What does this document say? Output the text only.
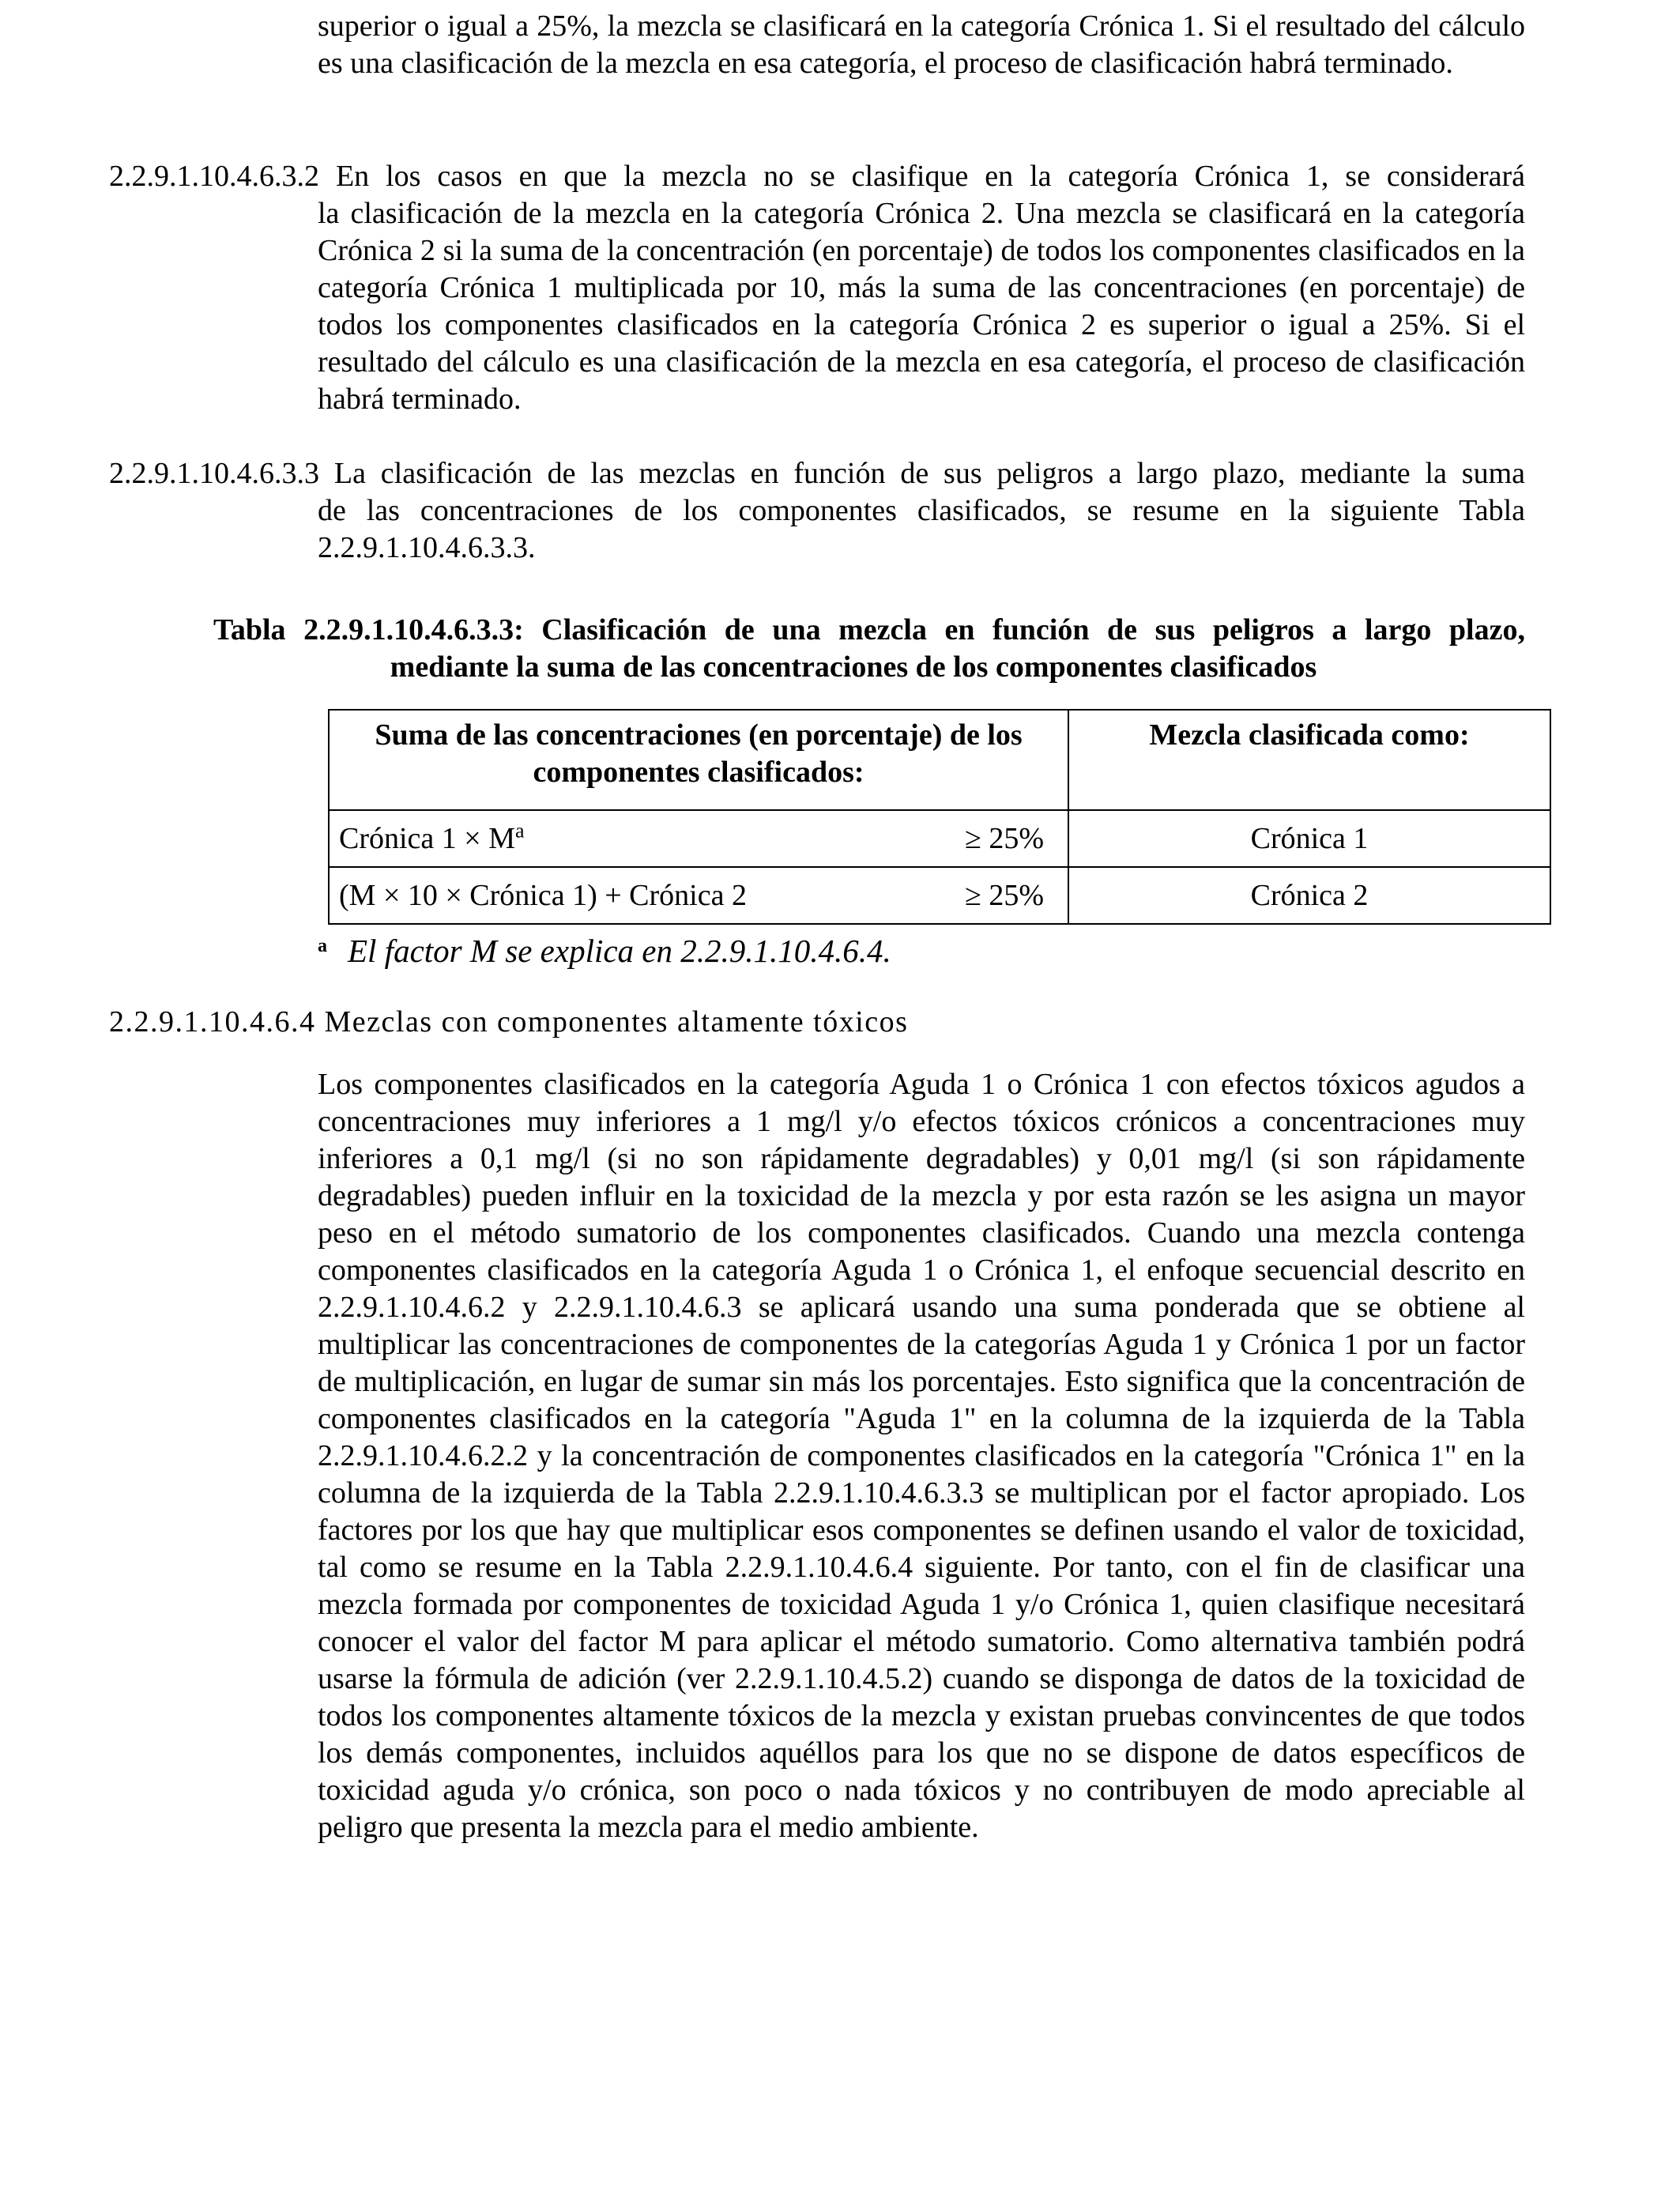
superior o igual a 25%, la mezcla se clasificará en la categoría Crónica 1. Si el resultado del cálculo es una clasificación de la mezcla en esa categoría, el proceso de clasificación habrá terminado.
2.2.9.1.10.4.6.3.2 En los casos en que la mezcla no se clasifique en la categoría Crónica 1, se considerará
la clasificación de la mezcla en la categoría Crónica 2. Una mezcla se clasificará en la categoría Crónica 2 si la suma de la concentración (en porcentaje) de todos los componentes clasificados en la categoría Crónica 1 multiplicada por 10, más la suma de las concentraciones (en porcentaje) de todos los componentes clasificados en la categoría Crónica 2 es superior o igual a 25%. Si el resultado del cálculo es una clasificación de la mezcla en esa categoría, el proceso de clasificación habrá terminado.
2.2.9.1.10.4.6.3.3 La clasificación de las mezclas en función de sus peligros a largo plazo, mediante la suma
de las concentraciones de los componentes clasificados, se resume en la siguiente Tabla 2.2.9.1.10.4.6.3.3.
Tabla 2.2.9.1.10.4.6.3.3: Clasificación de una mezcla en función de sus peligros a largo plazo,
mediante la suma de las concentraciones de los componentes clasificados
Suma de las concentraciones (en porcentaje) de los componentes clasificados:	Mezcla clasificada como:

Crónica $1 \times M^a \ge 25\%$	Crónica 1

(M × 10 × Crónica 1) + Crónica 2 ≥ 25%	Crónica 2
$^a$ El factor M se explica en 2.2.9.1.10.4.6.4.
2.2.9.1.10.4.6.4 Mezclas con componentes altamente tóxicos
Los componentes clasificados en la categoría Aguda 1 o Crónica 1 con efectos tóxicos agudos a concentraciones muy inferiores a 1 mg/l y/o efectos tóxicos crónicos a concentraciones muy inferiores a 0,1 mg/l (si no son rápidamente degradables) y 0,01 mg/l (si son rápidamente degradables) pueden influir en la toxicidad de la mezcla y por esta razón se les asigna un mayor peso en el método sumatorio de los componentes clasificados. Cuando una mezcla contenga componentes clasificados en la categoría Aguda 1 o Crónica 1, el enfoque secuencial descrito en 2.2.9.1.10.4.6.2 y 2.2.9.1.10.4.6.3 se aplicará usando una suma ponderada que se obtiene al multiplicar las concentraciones de componentes de la categorías Aguda 1 y Crónica 1 por un factor de multiplicación, en lugar de sumar sin más los porcentajes. Esto significa que la concentración de componentes clasificados en la categoría "Aguda 1" en la columna de la izquierda de la Tabla 2.2.9.1.10.4.6.2.2 y la concentración de componentes clasificados en la categoría "Crónica 1" en la columna de la izquierda de la Tabla 2.2.9.1.10.4.6.3.3 se multiplican por el factor apropiado. Los factores por los que hay que multiplicar esos componentes se definen usando el valor de toxicidad, tal como se resume en la Tabla 2.2.9.1.10.4.6.4 siguiente. Por tanto, con el fin de clasificar una mezcla formada por componentes de toxicidad Aguda 1 y/o Crónica 1, quien clasifique necesitará conocer el valor del factor M para aplicar el método sumatorio. Como alternativa también podrá usarse la fórmula de adición (ver 2.2.9.1.10.4.5.2) cuando se disponga de datos de la toxicidad de todos los componentes altamente tóxicos de la mezcla y existan pruebas convincentes de que todos los demás componentes, incluidos aquéllos para los que no se dispone de datos específicos de toxicidad aguda y/o crónica, son poco o nada tóxicos y no contribuyen de modo apreciable al peligro que presenta la mezcla para el medio ambiente.
